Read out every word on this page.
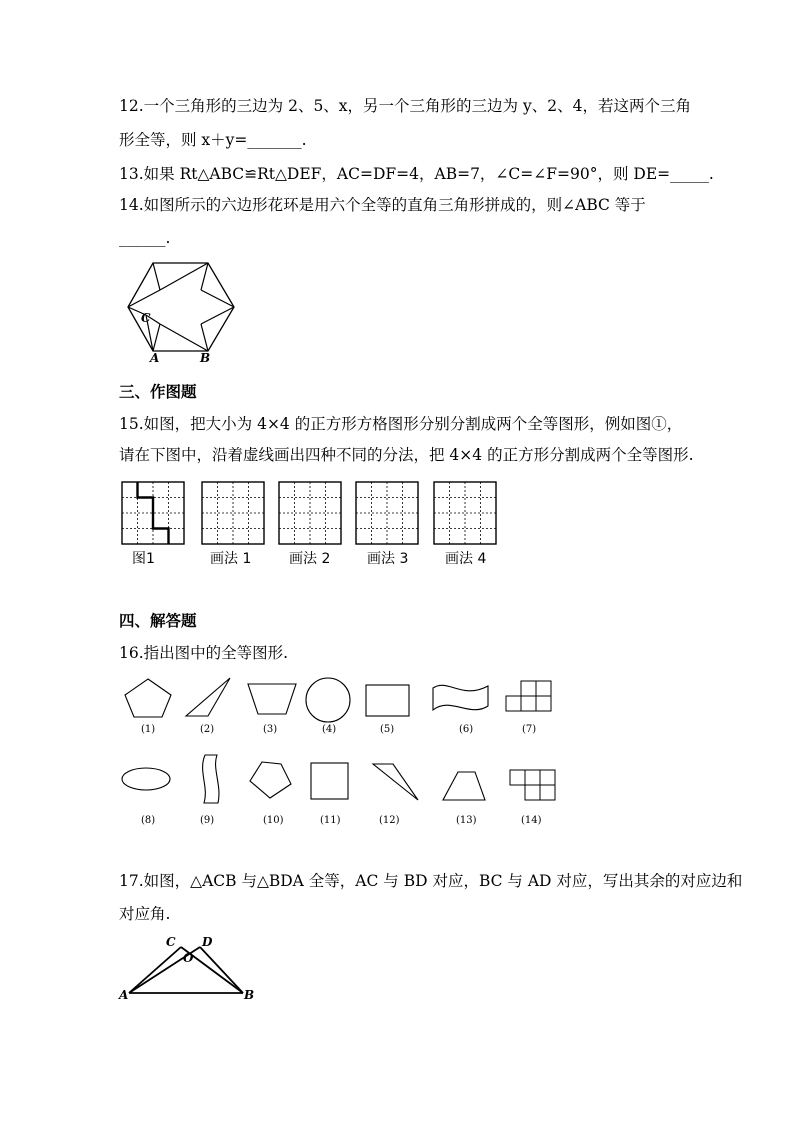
12.一个三角形的三边为 2、5、x，另一个三角形的三边为 y、2、4，若这两个三角
形全等，则 x＋y=_______.
13.如果 Rt△ABC≌Rt△DEF，AC=DF=4，AB=7，∠C=∠F=90°，则 DE=_____.
14.如图所示的六边形花环是用六个全等的直角三角形拼成的，则∠ABC 等于
______.
C
A	B
三、作图题
15.如图，把大小为 4×4 的正方形方格图形分别分割成两个全等图形，例如图①，
请在下图中，沿着虚线画出四种不同的分法，把 4×4 的正方形分割成两个全等图形.
图1	画法 1	画法 2	画法 3	画法 4
四、解答题
16.指出图中的全等图形.
(1)	(2)	(3)	(4)	(5)	(6)	(7)
(8)	(9)	(10)	(11)	(12)	(13)	(14)
17.如图，△ACB 与△BDA 全等，AC 与 BD 对应，BC 与 AD 对应，写出其余的对应边和
对应角.
C D
O
A	B
